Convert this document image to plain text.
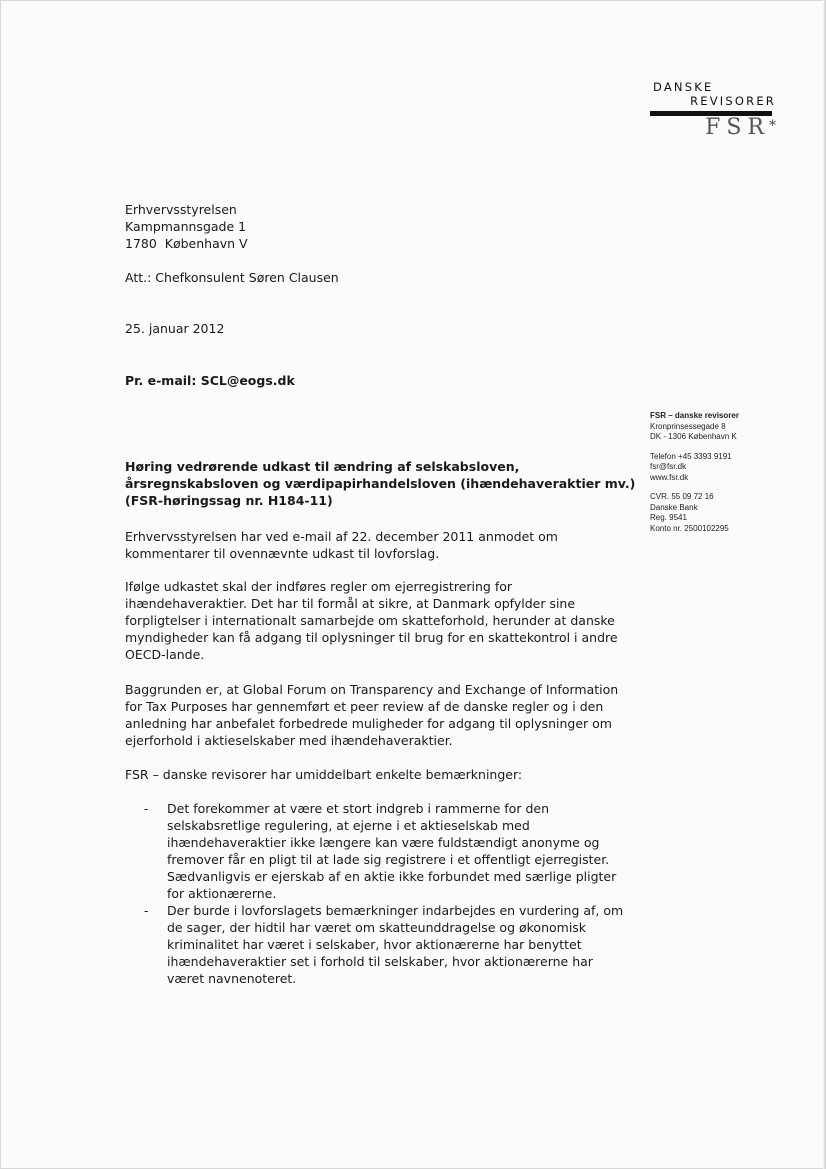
DANSKE
REVISORER
FSR *
Erhvervsstyrelsen
Kampmannsgade 1
1780  København V
Att.: Chefkonsulent Søren Clausen
25. januar 2012
Pr. e-mail: SCL@eogs.dk
FSR – danske revisorer
Kronprinsessegade 8
DK - 1306 København K
Telefon +45 3393 9191
fsr@fsr.dk
www.fsr.dk
CVR. 55 09 72 16
Danske Bank
Reg. 9541
Konto nr. 2500102295
Høring vedrørende udkast til ændring af selskabsloven,
årsregnskabsloven og værdipapirhandelsloven (ihændehaveraktier mv.)
(FSR-høringssag nr. H184-11)
Erhvervsstyrelsen har ved e-mail af 22. december 2011 anmodet om
kommentarer til ovennævnte udkast til lovforslag.
Ifølge udkastet skal der indføres regler om ejerregistrering for
ihændehaveraktier. Det har til formål at sikre, at Danmark opfylder sine
forpligtelser i internationalt samarbejde om skatteforhold, herunder at danske
myndigheder kan få adgang til oplysninger til brug for en skattekontrol i andre
OECD-lande.
Baggrunden er, at Global Forum on Transparency and Exchange of Information
for Tax Purposes har gennemført et peer review af de danske regler og i den
anledning har anbefalet forbedrede muligheder for adgang til oplysninger om
ejerforhold i aktieselskaber med ihændehaveraktier.
FSR – danske revisorer har umiddelbart enkelte bemærkninger:
- Det forekommer at være et stort indgreb i rammerne for den
selskabsretlige regulering, at ejerne i et aktieselskab med
ihændehaveraktier ikke længere kan være fuldstændigt anonyme og
fremover får en pligt til at lade sig registrere i et offentligt ejerregister.
Sædvanligvis er ejerskab af en aktie ikke forbundet med særlige pligter
for aktionærerne.
- Der burde i lovforslagets bemærkninger indarbejdes en vurdering af, om
de sager, der hidtil har været om skatteunddragelse og økonomisk
kriminalitet har været i selskaber, hvor aktionærerne har benyttet
ihændehaveraktier set i forhold til selskaber, hvor aktionærerne har
været navnenoteret.
